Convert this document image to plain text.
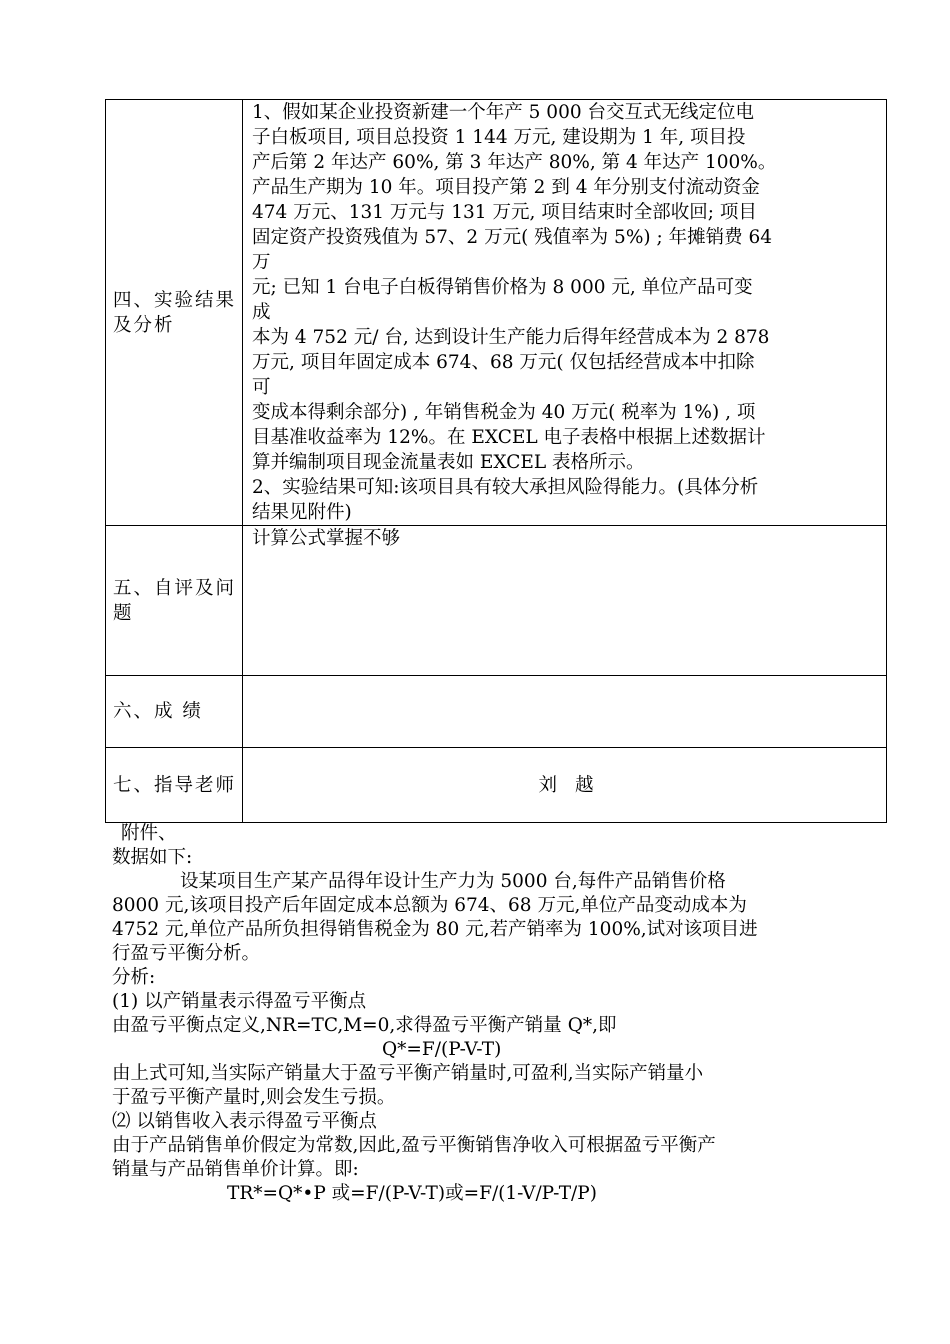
四、实验结果及分析

1、假如某企业投资新建一个年产 5 000 台交互式无线定位电

子白板项目, 项目总投资 1 144 万元, 建设期为 1 年, 项目投

产后第 2 年达产 60%, 第 3 年达产 80%, 第 4 年达产 100%。

产品生产期为 10 年。项目投产第 2 到 4 年分别支付流动资金

474 万元、131 万元与 131 万元, 项目结束时全部收回; 项目

固定资产投资残值为 57、2 万元( 残值率为 5%) ; 年摊销费 64

万

元; 已知 1 台电子白板得销售价格为 8 000 元, 单位产品可变

成

本为 4 752 元/ 台, 达到设计生产能力后得年经营成本为 2 878

万元, 项目年固定成本 674、68 万元( 仅包括经营成本中扣除

可

变成本得剩余部分) , 年销售税金为 40 万元( 税率为 1%) , 项

目基准收益率为 12%。在 EXCEL 电子表格中根据上述数据计

算并编制项目现金流量表如 EXCEL 表格所示。

2、实验结果可知:该项目具有较大承担风险得能力。(具体分析

结果见附件)

五、自评及问题

计算公式掌握不够

六、成 绩
七、指导老师	刘越

附件、

数据如下:

设某项目生产某产品得年设计生产力为 5000 台,每件产品销售价格

8000 元,该项目投产后年固定成本总额为 674、68 万元,单位产品变动成本为

4752 元,单位产品所负担得销售税金为 80 元,若产销率为 100%,试对该项目进

行盈亏平衡分析。

分析:

(1) 以产销量表示得盈亏平衡点

由盈亏平衡点定义,NR=TC,M=0,求得盈亏平衡产销量 Q*,即

Q*=F/(P-V-T)

由上式可知,当实际产销量大于盈亏平衡产销量时,可盈利,当实际产销量小

于盈亏平衡产量时,则会发生亏损。

⑵ 以销售收入表示得盈亏平衡点

由于产品销售单价假定为常数,因此,盈亏平衡销售净收入可根据盈亏平衡产

销量与产品销售单价计算。即:

TR*=Q*•P 或=F/(P-V-T)或=F/(1-V/P-T/P)
